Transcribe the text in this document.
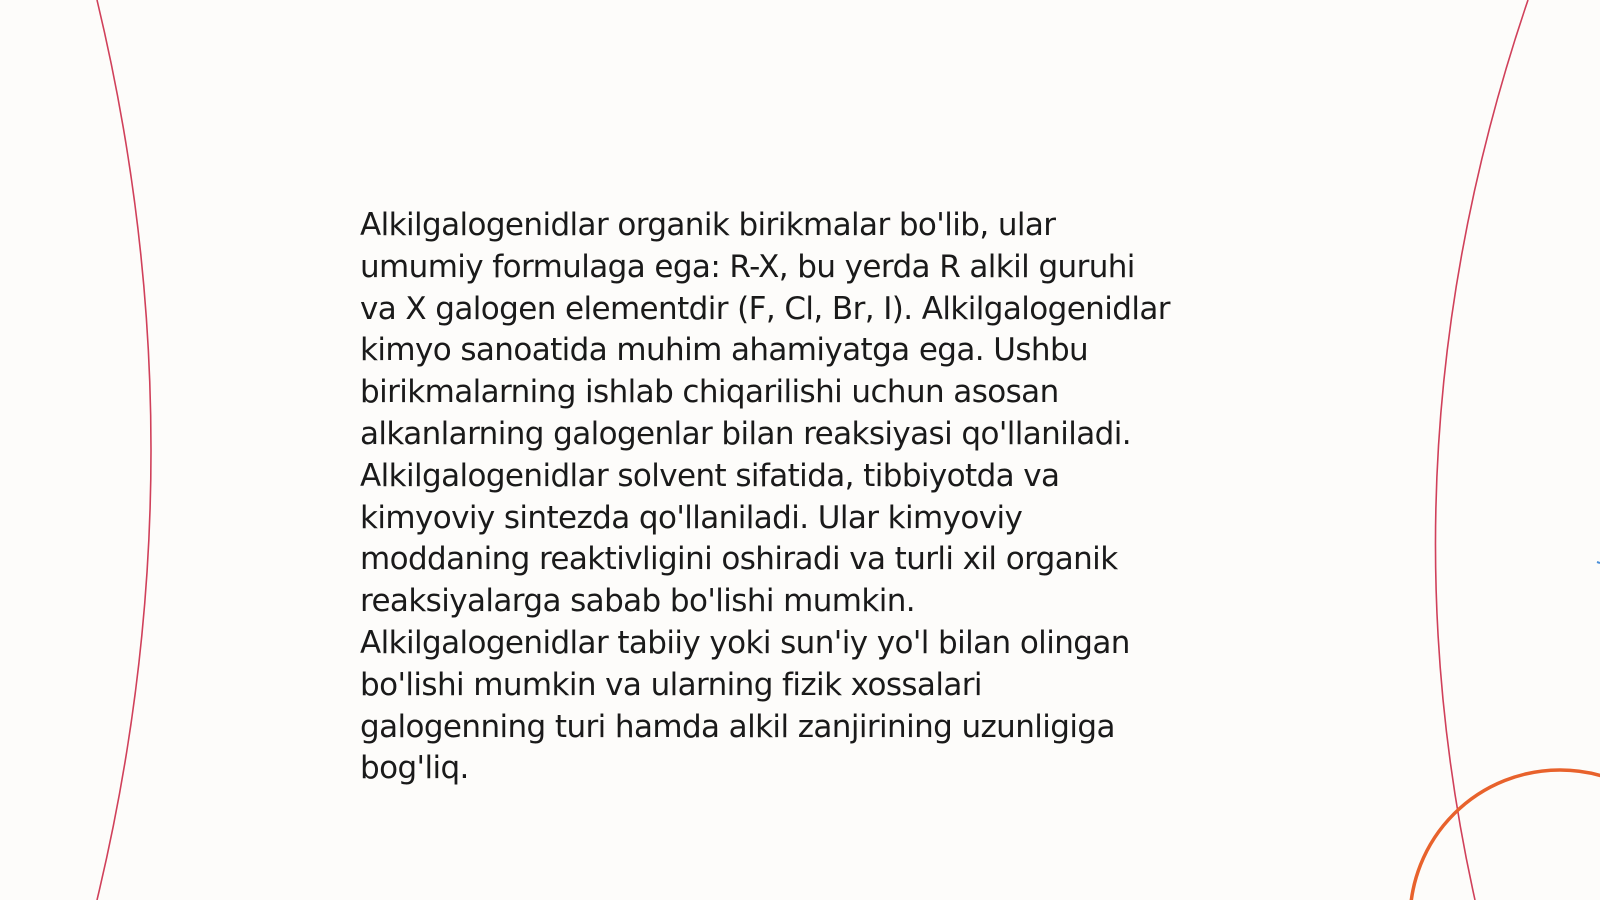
Alkilgalogenidlar organik birikmalar bo'lib, ular
umumiy formulaga ega: R-X, bu yerda R alkil guruhi
va X galogen elementdir (F, Cl, Br, I). Alkilgalogenidlar
kimyo sanoatida muhim ahamiyatga ega. Ushbu
birikmalarning ishlab chiqarilishi uchun asosan
alkanlarning galogenlar bilan reaksiyasi qo'llaniladi.
Alkilgalogenidlar solvent sifatida, tibbiyotda va
kimyoviy sintezda qo'llaniladi. Ular kimyoviy
moddaning reaktivligini oshiradi va turli xil organik
reaksiyalarga sabab bo'lishi mumkin.
Alkilgalogenidlar tabiiy yoki sun'iy yo'l bilan olingan
bo'lishi mumkin va ularning fizik xossalari
galogenning turi hamda alkil zanjirining uzunligiga
bog'liq.
